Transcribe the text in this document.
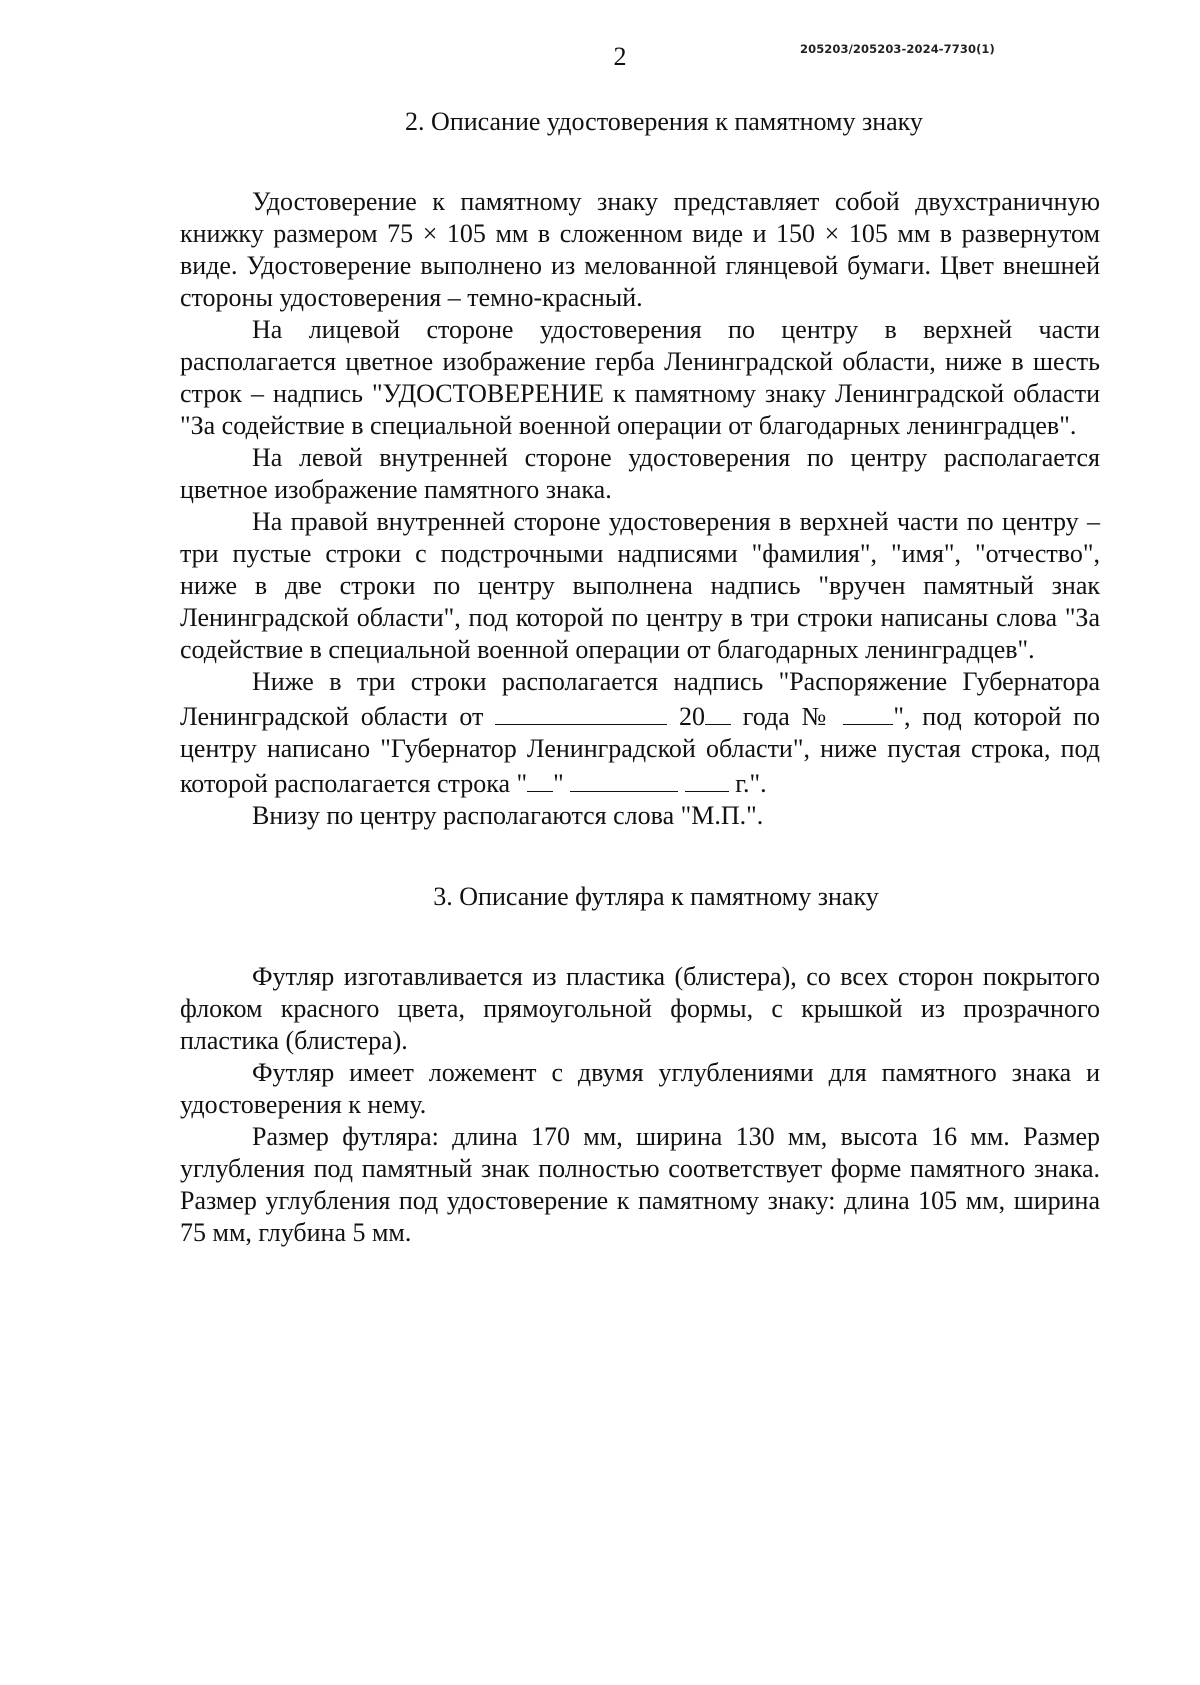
2	205203/205203-2024-7730(1)
2. Описание удостоверения к памятному знаку

Удостоверение к памятному знаку представляет собой двухстраничную книжку размером 75 × 105 мм в сложенном виде и 150 × 105 мм в развернутом виде. Удостоверение выполнено из мелованной глянцевой бумаги. Цвет внешней стороны удостоверения – темно-красный.

На лицевой стороне удостоверения по центру в верхней части располагается цветное изображение герба Ленинградской области, ниже в шесть строк – надпись "УДОСТОВЕРЕНИЕ к памятному знаку Ленинградской области "За содействие в специальной военной операции от благодарных ленинградцев".

На левой внутренней стороне удостоверения по центру располагается цветное изображение памятного знака.

На правой внутренней стороне удостоверения в верхней части по центру – три пустые строки с подстрочными надписями "фамилия", "имя", "отчество", ниже в две строки по центру выполнена надпись "вручен памятный знак Ленинградской области", под которой по центру в три строки написаны слова "За содействие в специальной военной операции от благодарных ленинградцев".

Ниже в три строки располагается надпись "Распоряжение Губернатора Ленинградской области от	20 года № ", под которой по центру написано "Губернатор Ленинградской области", ниже пустая строка, под которой располагается строка " "	г.".

Внизу по центру располагаются слова "М.П.".

3. Описание футляра к памятному знаку

Футляр изготавливается из пластика (блистера), со всех сторон покрытого флоком красного цвета, прямоугольной формы, с крышкой из прозрачного пластика (блистера).

Футляр имеет ложемент с двумя углублениями для памятного знака и удостоверения к нему.

Размер футляра: длина 170 мм, ширина 130 мм, высота 16 мм. Размер углубления под памятный знак полностью соответствует форме памятного знака. Размер углубления под удостоверение к памятному знаку: длина 105 мм, ширина 75 мм, глубина 5 мм.
